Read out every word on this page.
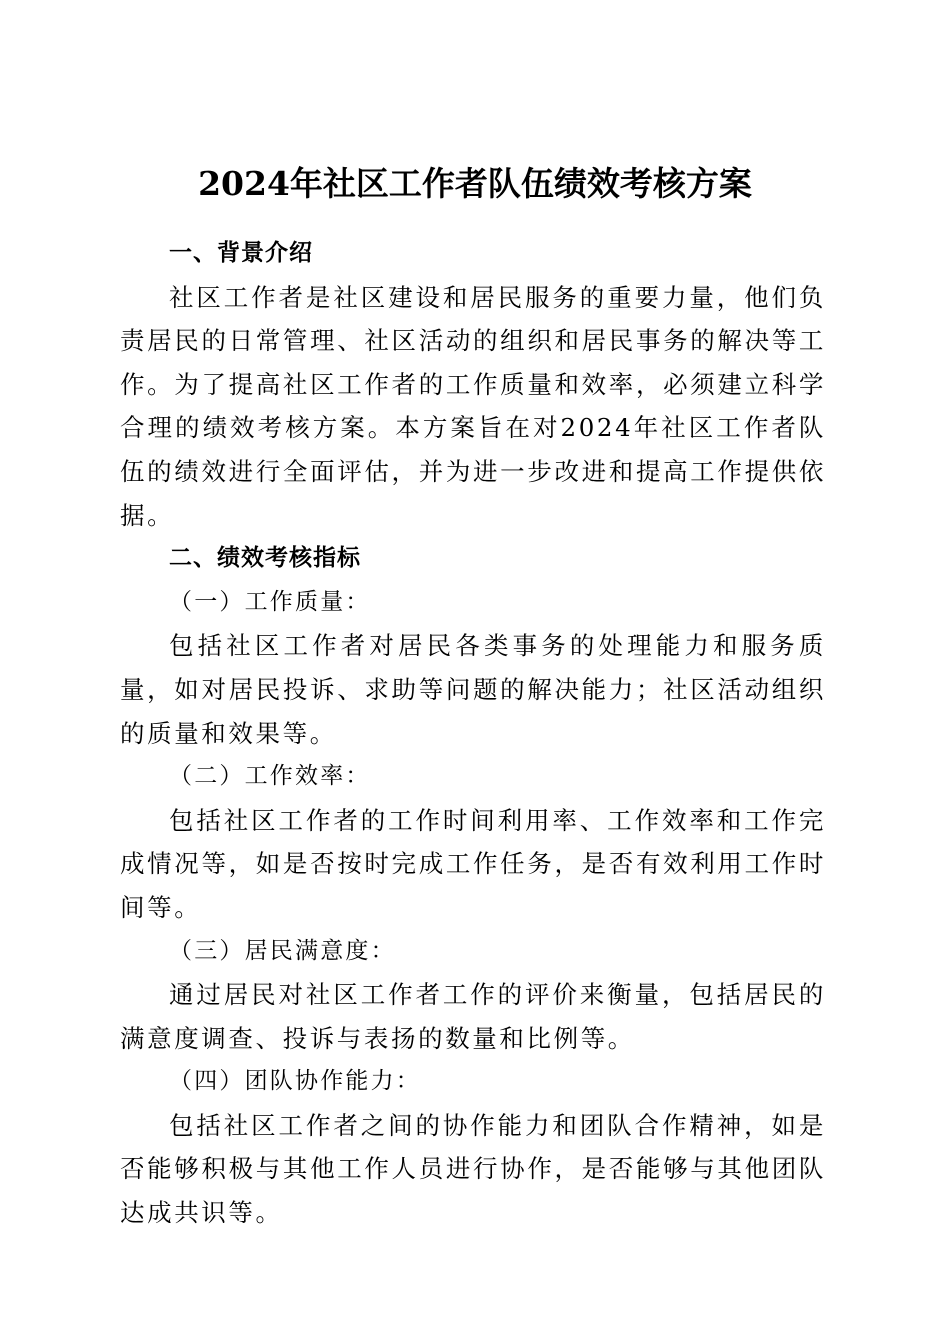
2024年社区工作者队伍绩效考核方案

一、背景介绍

社区工作者是社区建设和居民服务的重要力量，他们负责居民的日常管理、社区活动的组织和居民事务的解决等工作。为了提高社区工作者的工作质量和效率，必须建立科学合理的绩效考核方案。本方案旨在对2024年社区工作者队伍的绩效进行全面评估，并为进一步改进和提高工作提供依据。

二、绩效考核指标

（一）工作质量：

包括社区工作者对居民各类事务的处理能力和服务质量，如对居民投诉、求助等问题的解决能力；社区活动组织的质量和效果等。

（二）工作效率：

包括社区工作者的工作时间利用率、工作效率和工作完成情况等，如是否按时完成工作任务，是否有效利用工作时间等。

（三）居民满意度：

通过居民对社区工作者工作的评价来衡量，包括居民的满意度调查、投诉与表扬的数量和比例等。

（四）团队协作能力：

包括社区工作者之间的协作能力和团队合作精神，如是否能够积极与其他工作人员进行协作，是否能够与其他团队达成共识等。
